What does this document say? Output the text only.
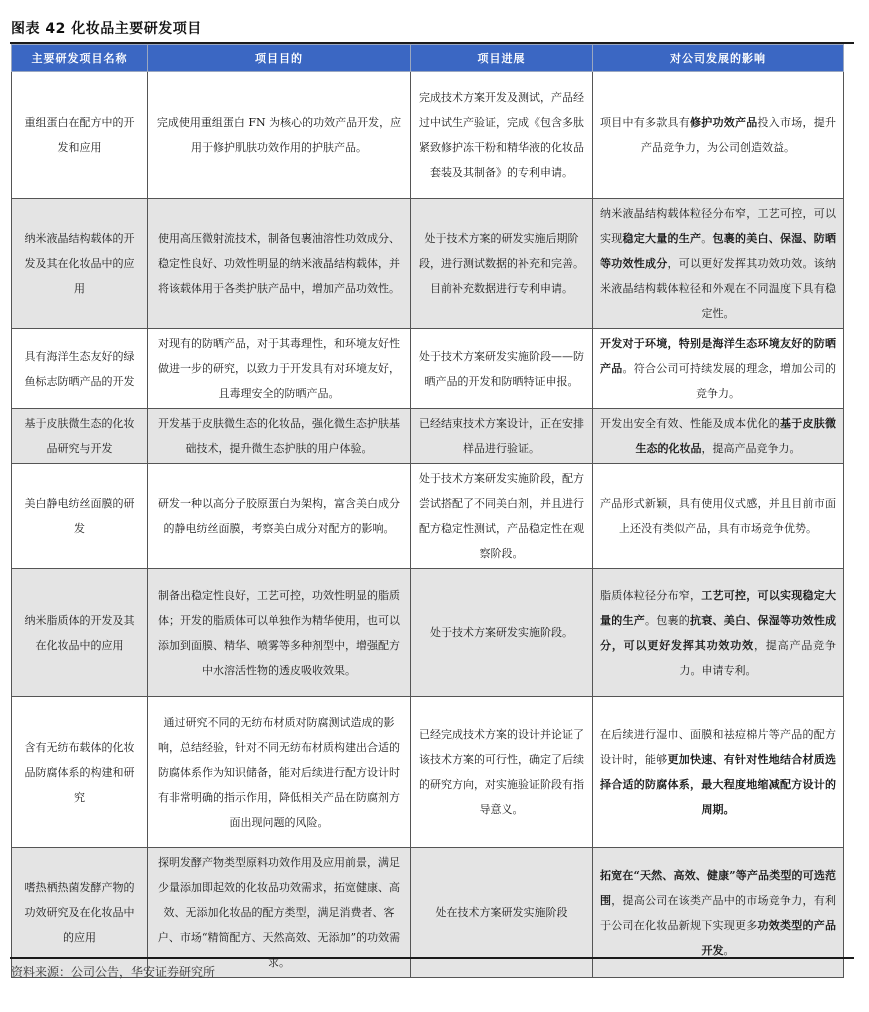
图表 42 化妆品主要研发项目
主要研发项目名称	项目目的	项目进展	对公司发展的影响
重组蛋白在配方中的开发和应用	完成使用重组蛋白 FN 为核心的功效产品开发，应用于修护肌肤功效作用的护肤产品。	完成技术方案开发及测试，产品经过中试生产验证，完成《包含多肽紧致修护冻干粉和精华液的化妆品套装及其制备》的专利申请。	项目中有多款具有修护功效产品投入市场，提升产品竞争力，为公司创造效益。
纳米液晶结构载体的开发及其在化妆品中的应用	使用高压微射流技术，制备包裹油溶性功效成分、稳定性良好、功效性明显的纳米液晶结构载体，并将该载体用于各类护肤产品中，增加产品功效性。	处于技术方案的研发实施后期阶段，进行测试数据的补充和完善。目前补充数据进行专利申请。	纳米液晶结构载体粒径分布窄，工艺可控，可以实现稳定大量的生产。包裹的美白、保湿、防晒等功效性成分，可以更好发挥其功效功效。该纳米液晶结构载体粒径和外观在不同温度下具有稳定性。
具有海洋生态友好的绿鱼标志防晒产品的开发	对现有的防晒产品，对于其毒理性，和环境友好性做进一步的研究，以致力于开发具有对环境友好，且毒理安全的防晒产品。	处于技术方案研发实施阶段——防晒产品的开发和防晒特证申报。	开发对于环境，特别是海洋生态环境友好的防晒产品。符合公司可持续发展的理念，增加公司的竞争力。
基于皮肤微生态的化妆品研究与开发	开发基于皮肤微生态的化妆品，强化微生态护肤基础技术，提升微生态护肤的用户体验。	已经结束技术方案设计，正在安排样品进行验证。	开发出安全有效、性能及成本优化的基于皮肤微生态的化妆品，提高产品竞争力。
美白静电纺丝面膜的研发	研发一种以高分子胶原蛋白为架构，富含美白成分的静电纺丝面膜，考察美白成分对配方的影响。	处于技术方案研发实施阶段，配方尝试搭配了不同美白剂，并且进行配方稳定性测试，产品稳定性在观察阶段。	产品形式新颖，具有使用仪式感，并且目前市面上还没有类似产品，具有市场竞争优势。
纳米脂质体的开发及其在化妆品中的应用	制备出稳定性良好，工艺可控，功效性明显的脂质体；开发的脂质体可以单独作为精华使用，也可以添加到面膜、精华、喷雾等多种剂型中，增强配方中水溶活性物的透皮吸收效果。	处于技术方案研发实施阶段。	脂质体粒径分布窄，工艺可控，可以实现稳定大量的生产。包裹的抗衰、美白、保湿等功效性成分，可以更好发挥其功效功效，提高产品竞争力。申请专利。
含有无纺布载体的化妆品防腐体系的构建和研究	通过研究不同的无纺布材质对防腐测试造成的影响，总结经验，针对不同无纺布材质构建出合适的防腐体系作为知识储备，能对后续进行配方设计时有非常明确的指示作用，降低相关产品在防腐剂方面出现问题的风险。	已经完成技术方案的设计并论证了该技术方案的可行性，确定了后续的研究方向，对实施验证阶段有指导意义。	在后续进行湿巾、面膜和祛痘棉片等产品的配方设计时，能够更加快速、有针对性地结合材质选择合适的防腐体系，最大程度地缩减配方设计的周期。
嗜热栖热菌发酵产物的功效研究及在化妆品中的应用	探明发酵产物类型原料功效作用及应用前景，满足少量添加即起效的化妆品功效需求，拓宽健康、高效、无添加化妆品的配方类型，满足消费者、客户、市场“精简配方、天然高效、无添加”的功效需求。	处在技术方案研发实施阶段	拓宽在“天然、高效、健康”等产品类型的可选范围，提高公司在该类产品中的市场竞争力，有利于公司在化妆品新规下实现更多功效类型的产品开发。
资料来源：公司公告，华安证券研究所
